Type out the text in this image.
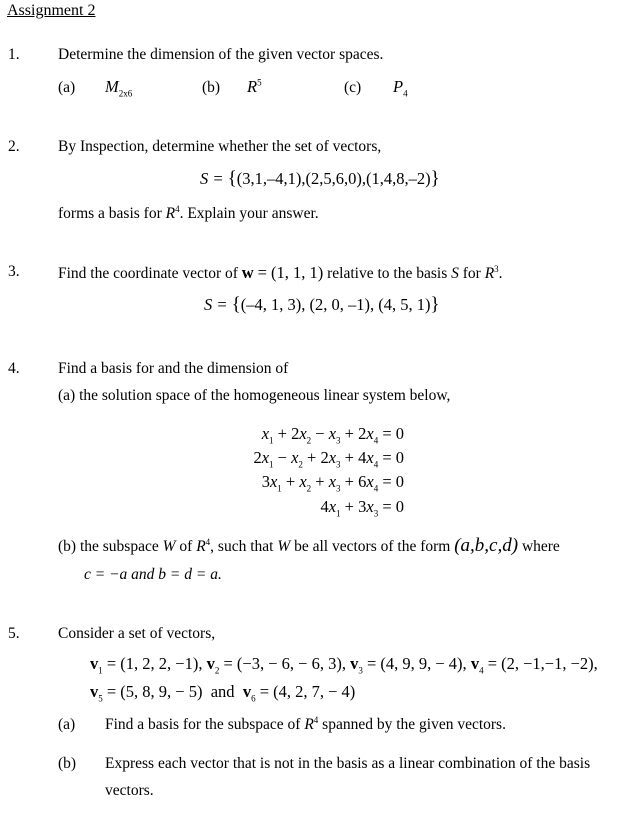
Assignment 2
1. Determine the dimension of the given vector spaces.
(a) $M_{2x6}$	(b) $R^5$	(c) $P_4$
2. By Inspection, determine whether the set of vectors,
S = {(3,1,–4,1),(2,5,6,0),(1,4,8,–2)}
forms a basis for $R^4$. Explain your answer.
3. Find the coordinate vector of w = (1, 1, 1) relative to the basis S for $R^3$.
S = {(–4, 1, 3), (2, 0, –1), (4, 5, 1)}
4. Find a basis for and the dimension of
(a) the solution space of the homogeneous linear system below,
$x_1 + 2x_2 - x_3 + 2x_4 = 0$
$2x_1 - x_2 + 2x_3 + 4x_4 = 0$
$3x_1 + x_2 + x_3 + 6x_4 = 0$
$4x_1 + 3x_3 = 0$
(b) the subspace W of $R^4$, such that W be all vectors of the form (a,b,c,d) where
c = −a and b = d = a.
5. Consider a set of vectors,
$v_1 = (1$, 2, 2, −1), $v_2 = (-3$, − 6, − 6, 3), $v_3 = (4$, 9, 9, − 4), $v_4 = (2$, −1,−1, −2),
$v_5 = (5$, 8, 9, − 5) and $v_6 = (4$, 2, 7, − 4)
(a) Find a basis for the subspace of $R^4$ spanned by the given vectors.
(b) Express each vector that is not in the basis as a linear combination of the basis
vectors.
